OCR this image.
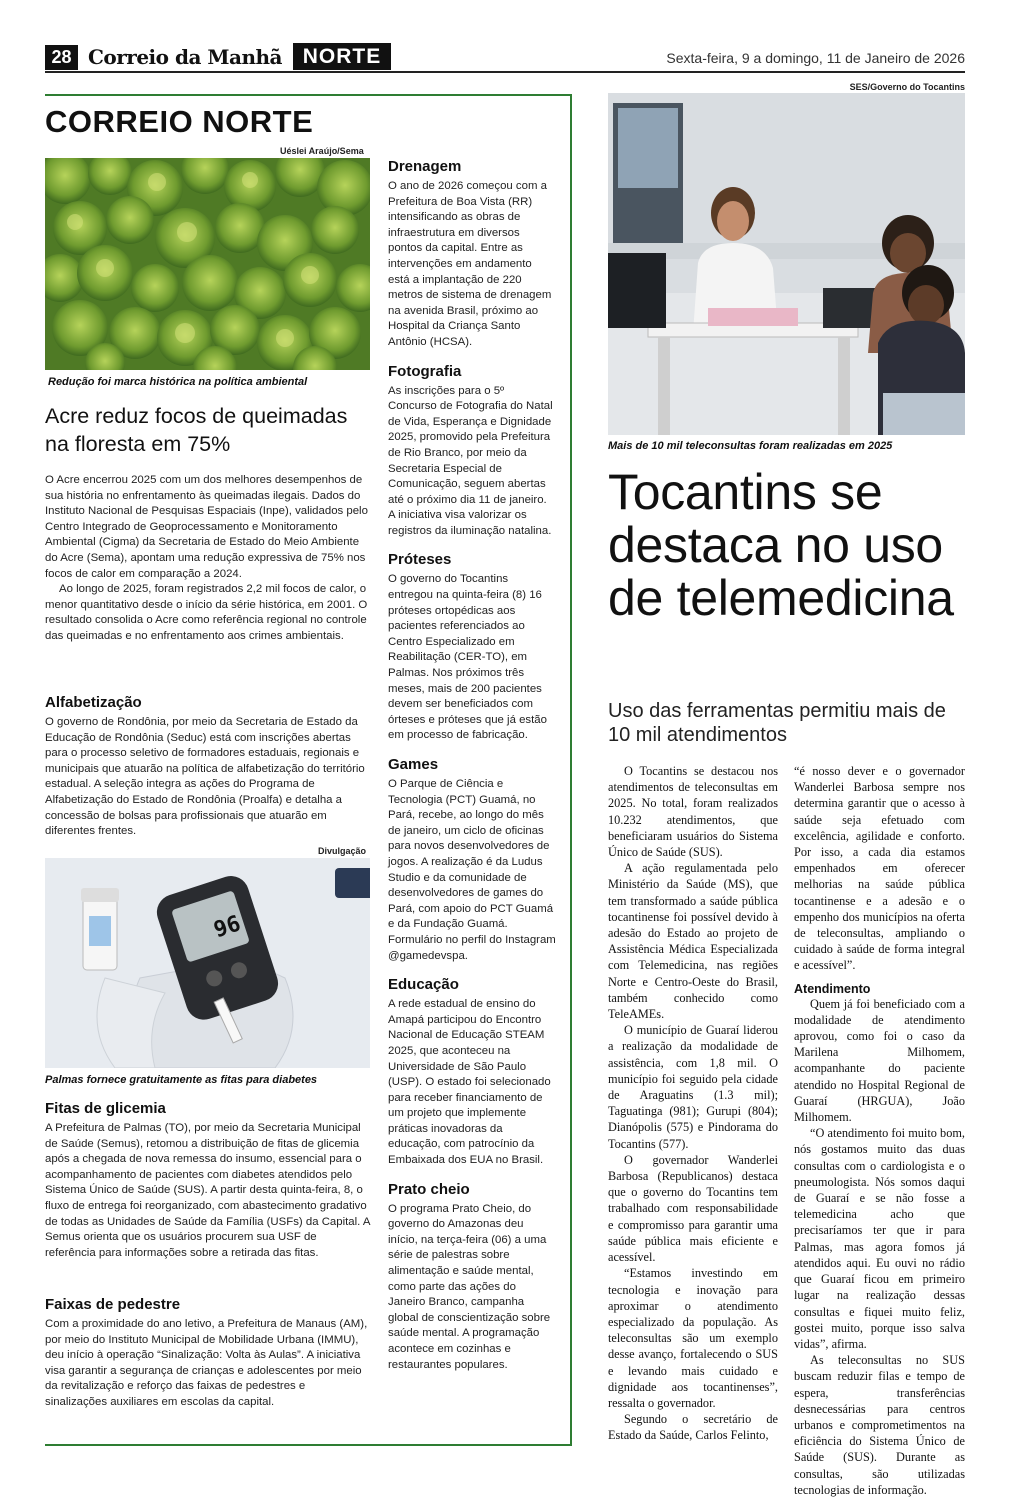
28 Correio da Manhã NORTE	Sexta-feira, 9 a domingo, 11 de Janeiro de 2026
CORREIO NORTE
Uéslei Araújo/Sema
Redução foi marca histórica na política ambiental
Acre reduz focos de queimadas na floresta em 75%

O Acre encerrou 2025 com um dos melhores desempenhos de sua história no enfrentamento às queimadas ilegais. Dados do Instituto Nacional de Pesquisas Espaciais (Inpe), validados pelo Centro Integrado de Geoprocessamento e Monitoramento Ambiental (Cigma) da Secretaria de Estado do Meio Ambiente do Acre (Sema), apontam uma redução expressiva de 75% nos focos de calor em comparação a 2024.

Ao longo de 2025, foram registrados 2,2 mil focos de calor, o menor quantitativo desde o início da série histórica, em 2001. O resultado consolida o Acre como referência regional no controle das queimadas e no enfrentamento aos crimes ambientais.

Alfabetização

O governo de Rondônia, por meio da Secretaria de Estado da Educação de Rondônia (Seduc) está com inscrições abertas para o processo seletivo de formadores estaduais, regionais e municipais que atuarão na política de alfabetização do território estadual. A seleção integra as ações do Programa de Alfabetização do Estado de Rondônia (Proalfa) e detalha a concessão de bolsas para profissionais que atuarão em diferentes frentes.

Divulgação
96
Palmas fornece gratuitamente as fitas para diabetes
Fitas de glicemia

A Prefeitura de Palmas (TO), por meio da Secretaria Municipal de Saúde (Semus), retomou a distribuição de fitas de glicemia após a chegada de nova remessa do insumo, essencial para o acompanhamento de pacientes com diabetes atendidos pelo Sistema Único de Saúde (SUS). A partir desta quinta-feira, 8, o fluxo de entrega foi reorganizado, com abastecimento gradativo de todas as Unidades de Saúde da Família (USFs) da Capital. A Semus orienta que os usuários procurem sua USF de referência para informações sobre a retirada das fitas.

Faixas de pedestre

Com a proximidade do ano letivo, a Prefeitura de Manaus (AM), por meio do Instituto Municipal de Mobilidade Urbana (IMMU), deu início à operação “Sinalização: Volta às Aulas”. A iniciativa visa garantir a segurança de crianças e adolescentes por meio da revitalização e reforço das faixas de pedestres e sinalizações auxiliares em escolas da capital.

Drenagem

O ano de 2026 começou com a Prefeitura de Boa Vista (RR) intensificando as obras de infraestrutura em diversos pontos da capital. Entre as intervenções em andamento está a implantação de 220 metros de sistema de drenagem na avenida Brasil, próximo ao Hospital da Criança Santo Antônio (HCSA).

Fotografia

As inscrições para o 5º Concurso de Fotografia do Natal de Vida, Esperança e Dignidade 2025, promovido pela Prefeitura de Rio Branco, por meio da Secretaria Especial de Comunicação, seguem abertas até o próximo dia 11 de janeiro. A iniciativa visa valorizar os registros da iluminação natalina.

Próteses

O governo do Tocantins entregou na quinta-feira (8) 16 próteses ortopédicas aos pacientes referenciados ao Centro Especializado em Reabilitação (CER-TO), em Palmas. Nos próximos três meses, mais de 200 pacientes devem ser beneficiados com órteses e próteses que já estão em processo de fabricação.

Games

O Parque de Ciência e Tecnologia (PCT) Guamá, no Pará, recebe, ao longo do mês de janeiro, um ciclo de oficinas para novos desenvolvedores de jogos. A realização é da Ludus Studio e da comunidade de desenvolvedores de games do Pará, com apoio do PCT Guamá e da Fundação Guamá. Formulário no perfil do Instagram @gamedevspa.

Educação

A rede estadual de ensino do Amapá participou do Encontro Nacional de Educação STEAM 2025, que aconteceu na Universidade de São Paulo (USP). O estado foi selecionado para receber financiamento de um projeto que implemente práticas inovadoras da educação, com patrocínio da Embaixada dos EUA no Brasil.

Prato cheio

O programa Prato Cheio, do governo do Amazonas deu início, na terça-feira (06) a uma série de palestras sobre alimentação e saúde mental, como parte das ações do Janeiro Branco, campanha global de conscientização sobre saúde mental. A programação acontece em cozinhas e restaurantes populares.

SES/Governo do Tocantins
Mais de 10 mil teleconsultas foram realizadas em 2025
Tocantins se destaca no uso de telemedicina
Uso das ferramentas permitiu mais de 10 mil atendimentos

O Tocantins se destacou nos atendimentos de teleconsultas em 2025. No total, foram realizados 10.232 atendimentos, que beneficiaram usuários do Sistema Único de Saúde (SUS).

A ação regulamentada pelo Ministério da Saúde (MS), que tem transformado a saúde pública tocantinense foi possível devido à adesão do Estado ao projeto de Assistência Médica Especializada com Telemedicina, nas regiões Norte e Centro-Oeste do Brasil, também conhecido como TeleAMEs.

O município de Guaraí liderou a realização da modalidade de assistência, com 1,8 mil. O município foi seguido pela cidade de Araguatins (1.3 mil); Taguatinga (981); Gurupi (804); Dianópolis (575) e Pindorama do Tocantins (577).

O governador Wanderlei Barbosa (Republicanos) destaca que o governo do Tocantins tem trabalhado com responsabilidade e compromisso para garantir uma saúde pública mais eficiente e acessível.

“Estamos investindo em tecnologia e inovação para aproximar o atendimento especializado da população. As teleconsultas são um exemplo desse avanço, fortalecendo o SUS e levando mais cuidado e dignidade aos tocantinenses”, ressalta o governador.

Segundo o secretário de Estado da Saúde, Carlos Felinto,

“é nosso dever e o governador Wanderlei Barbosa sempre nos determina garantir que o acesso à saúde seja efetuado com excelência, agilidade e conforto. Por isso, a cada dia estamos empenhados em oferecer melhorias na saúde pública tocantinense e a adesão e o empenho dos municípios na oferta de teleconsultas, ampliando o cuidado à saúde de forma integral e acessível”.

Atendimento

Quem já foi beneficiado com a modalidade de atendimento aprovou, como foi o caso da Marilena Milhomem, acompanhante do paciente atendido no Hospital Regional de Guaraí (HRGUA), João Milhomem.

“O atendimento foi muito bom, nós gostamos muito das duas consultas com o cardiologista e o pneumologista. Nós somos daqui de Guaraí e se não fosse a telemedicina acho que precisaríamos ter que ir para Palmas, mas agora fomos já atendidos aqui. Eu ouvi no rádio que Guaraí ficou em primeiro lugar na realização dessas consultas e fiquei muito feliz, gostei muito, porque isso salva vidas”, afirma.

As teleconsultas no SUS buscam reduzir filas e tempo de espera, transferências desnecessárias para centros urbanos e comprometimentos na eficiência do Sistema Único de Saúde (SUS). Durante as consultas, são utilizadas tecnologias de informação.
